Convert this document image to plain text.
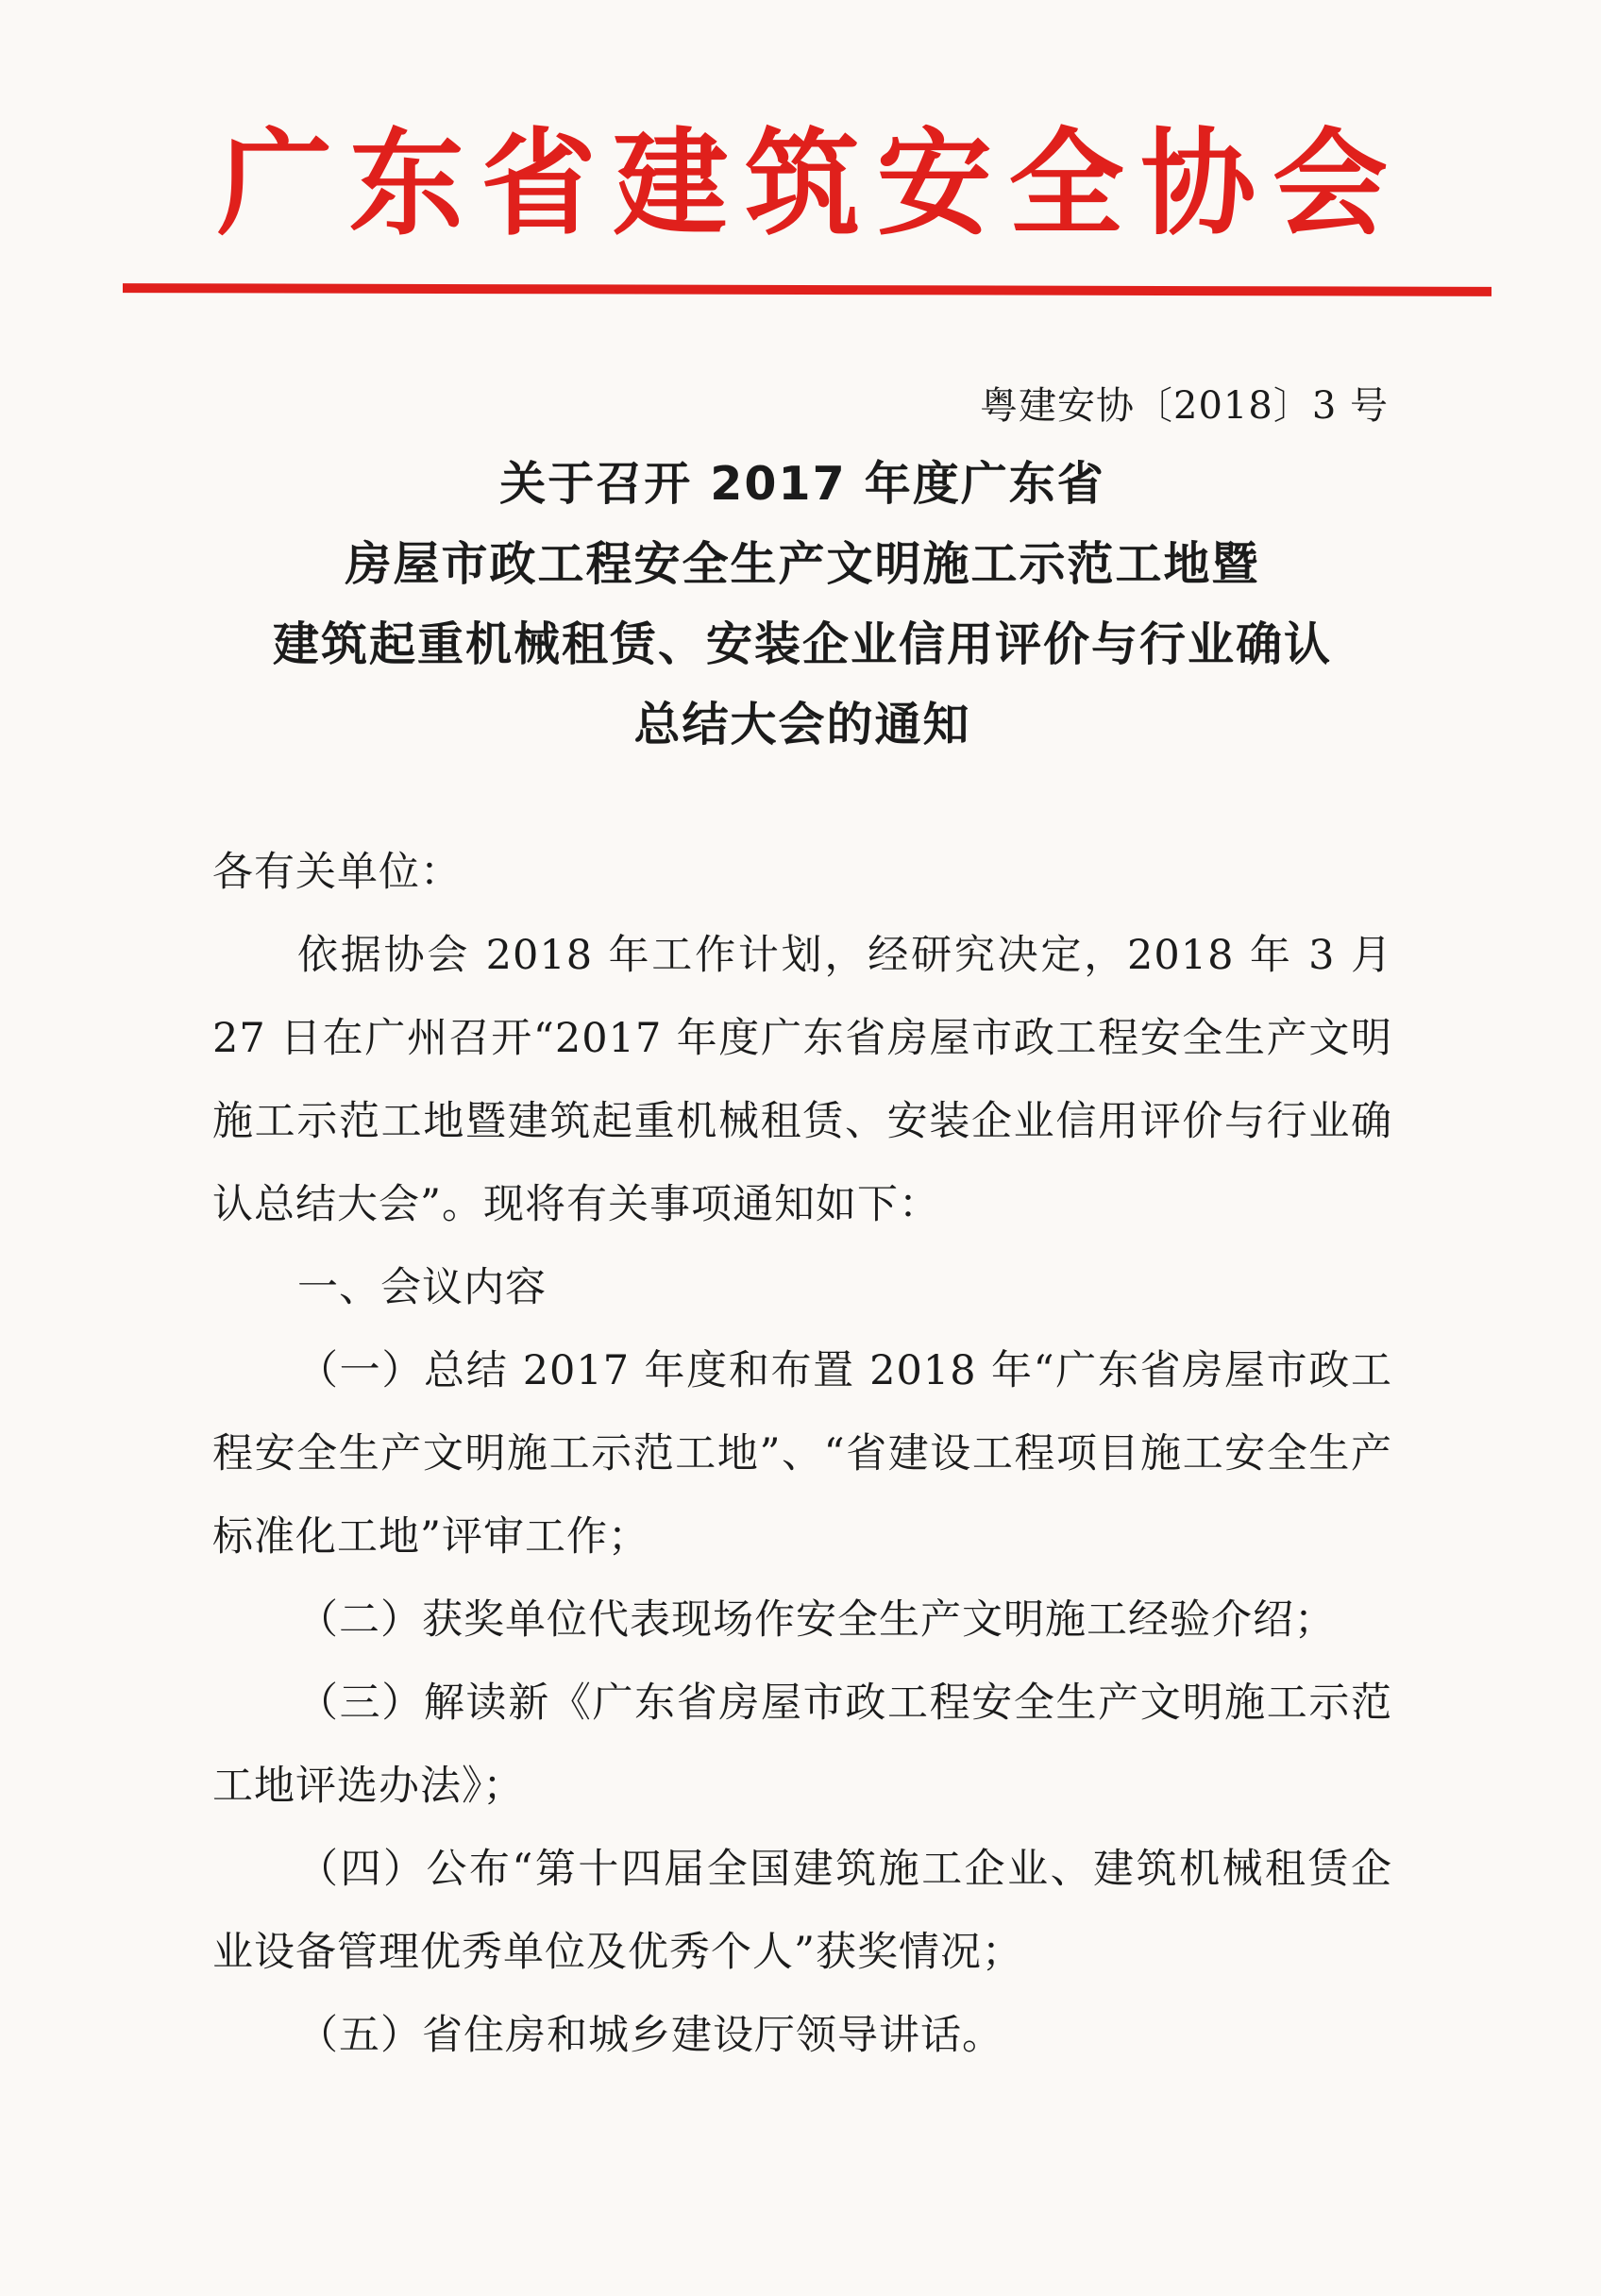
广 东 省 建 筑 安 全 协 会
粤建安协〔2018〕3 号
关于召开 2017 年度广东省
房屋市政工程安全生产文明施工示范工地暨
建筑起重机械租赁、安装企业信用评价与行业确认
总结大会的通知

各有关单位：

依据协会 2018 年工作计划，经研究决定，2018 年 3 月 27 日在广州召开“2017 年度广东省房屋市政工程安全生产文明施工示范工地暨建筑起重机械租赁、安装企业信用评价与行业确认总结大会”。现将有关事项通知如下：

一、会议内容

（一）总结 2017 年度和布置 2018 年“广东省房屋市政工程安全生产文明施工示范工地”、“省建设工程项目施工安全生产标准化工地”评审工作；

（二）获奖单位代表现场作安全生产文明施工经验介绍；

（三）解读新《广东省房屋市政工程安全生产文明施工示范工地评选办法》；

（四）公布“第十四届全国建筑施工企业、建筑机械租赁企业设备管理优秀单位及优秀个人”获奖情况；

（五）省住房和城乡建设厅领导讲话。
